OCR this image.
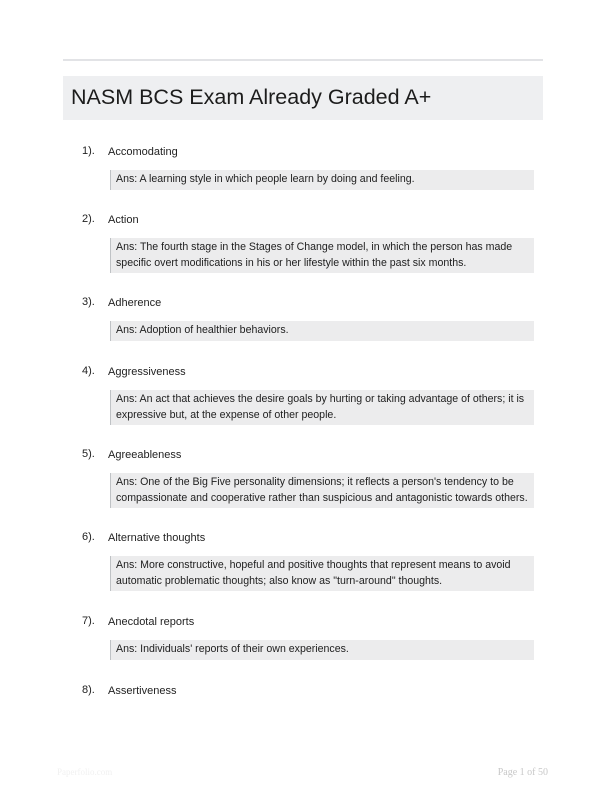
NASM BCS Exam Already Graded A+
1). Accomodating
Ans: A learning style in which people learn by doing and feeling.
2). Action
Ans: The fourth stage in the Stages of Change model, in which the person has made specific overt modifications in his or her lifestyle within the past six months.
3). Adherence
Ans: Adoption of healthier behaviors.
4). Aggressiveness
Ans: An act that achieves the desire goals by hurting or taking advantage of others; it is expressive but, at the expense of other people.
5). Agreeableness
Ans: One of the Big Five personality dimensions; it reflects a person's tendency to be compassionate and cooperative rather than suspicious and antagonistic towards others.
6). Alternative thoughts
Ans: More constructive, hopeful and positive thoughts that represent means to avoid automatic problematic thoughts; also know as "turn-around" thoughts.
7). Anecdotal reports
Ans: Individuals' reports of their own experiences.
8). Assertiveness
Paperfolio.com	Page 1 of 50
